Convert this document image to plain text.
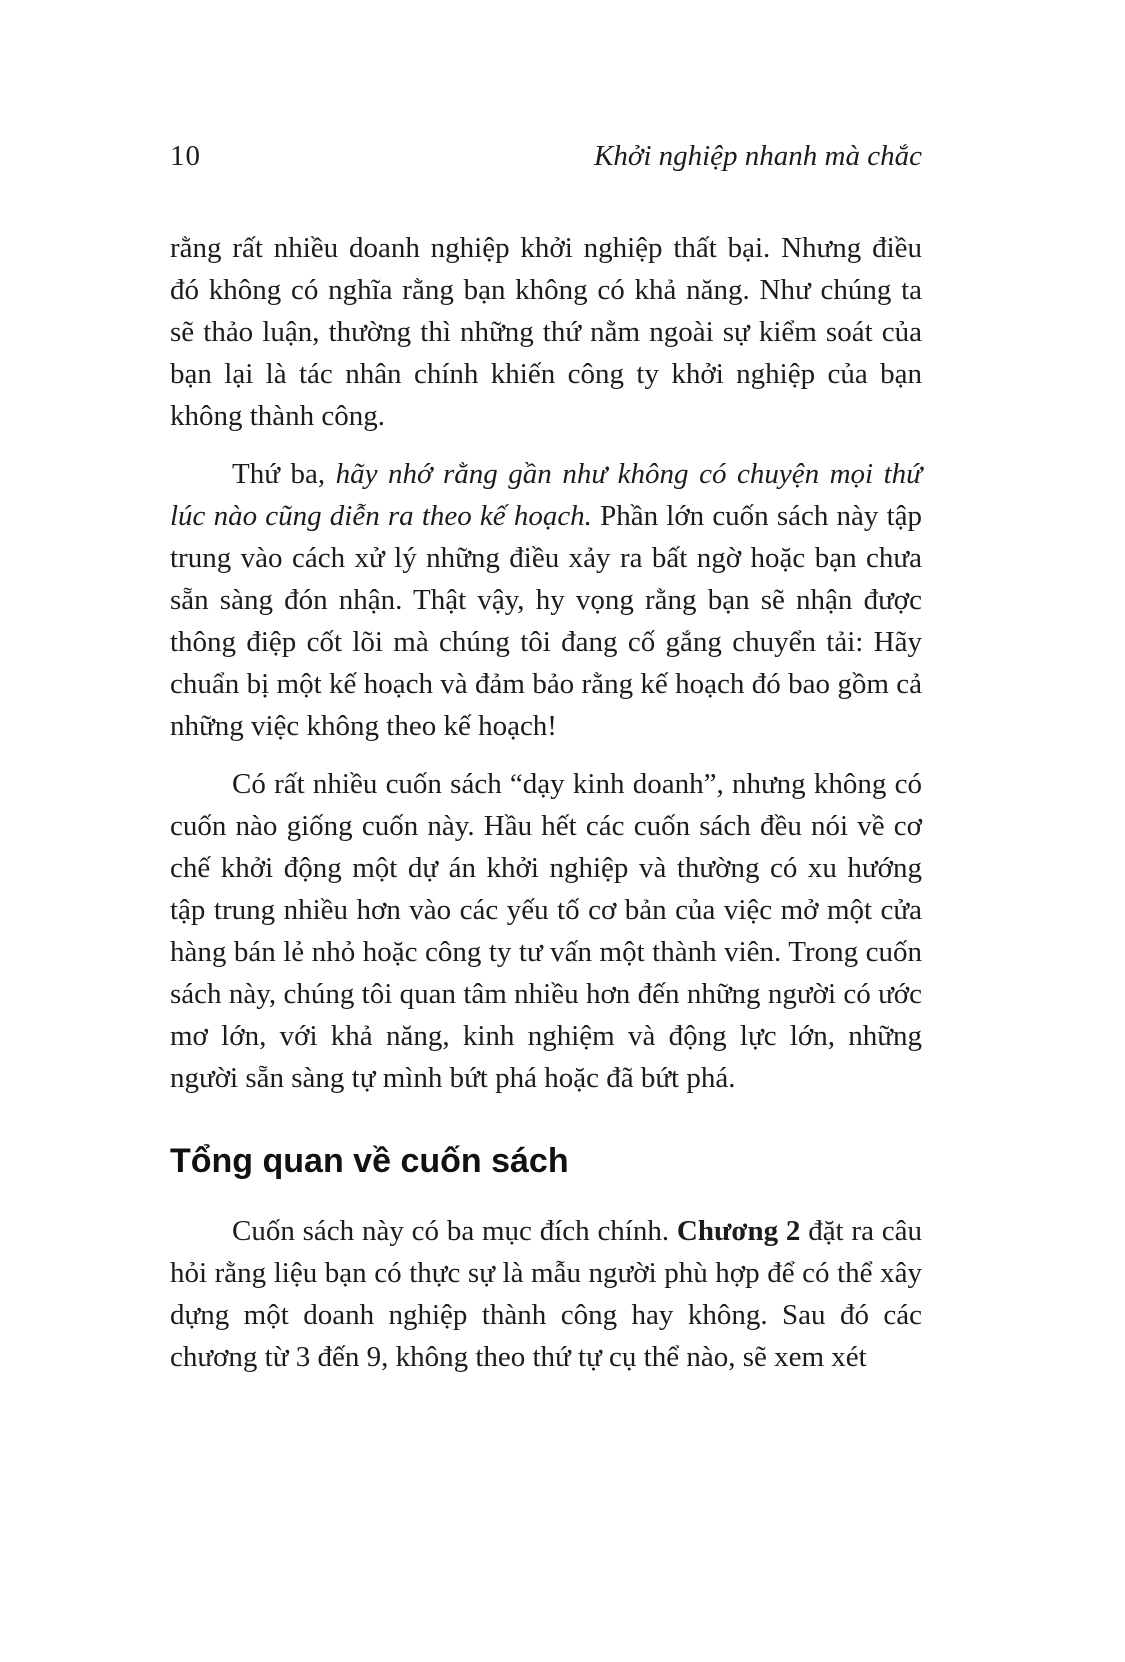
10	Khởi nghiệp nhanh mà chắc

rằng rất nhiều doanh nghiệp khởi nghiệp thất bại. Nhưng điều đó không có nghĩa rằng bạn không có khả năng. Như chúng ta sẽ thảo luận, thường thì những thứ nằm ngoài sự kiểm soát của bạn lại là tác nhân chính khiến công ty khởi nghiệp của bạn không thành công.

Thứ ba, hãy nhớ rằng gần như không có chuyện mọi thứ lúc nào cũng diễn ra theo kế hoạch. Phần lớn cuốn sách này tập trung vào cách xử lý những điều xảy ra bất ngờ hoặc bạn chưa sẵn sàng đón nhận. Thật vậy, hy vọng rằng bạn sẽ nhận được thông điệp cốt lõi mà chúng tôi đang cố gắng chuyển tải: Hãy chuẩn bị một kế hoạch và đảm bảo rằng kế hoạch đó bao gồm cả những việc không theo kế hoạch!

Có rất nhiều cuốn sách “dạy kinh doanh”, nhưng không có cuốn nào giống cuốn này. Hầu hết các cuốn sách đều nói về cơ chế khởi động một dự án khởi nghiệp và thường có xu hướng tập trung nhiều hơn vào các yếu tố cơ bản của việc mở một cửa hàng bán lẻ nhỏ hoặc công ty tư vấn một thành viên. Trong cuốn sách này, chúng tôi quan tâm nhiều hơn đến những người có ước mơ lớn, với khả năng, kinh nghiệm và động lực lớn, những người sẵn sàng tự mình bứt phá hoặc đã bứt phá.

Tổng quan về cuốn sách

Cuốn sách này có ba mục đích chính. Chương 2 đặt ra câu hỏi rằng liệu bạn có thực sự là mẫu người phù hợp để có thể xây dựng một doanh nghiệp thành công hay không. Sau đó các chương từ 3 đến 9, không theo thứ tự cụ thể nào, sẽ xem xét
